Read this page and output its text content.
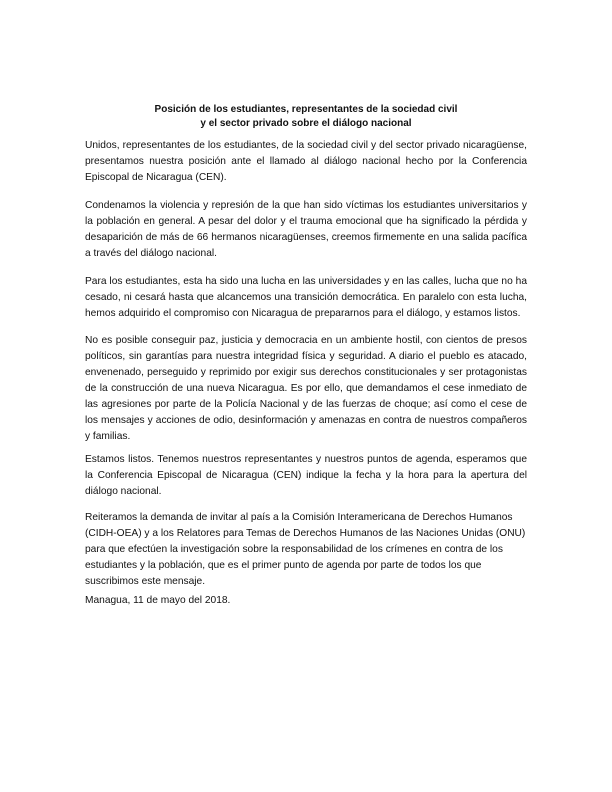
Posición de los estudiantes, representantes de la sociedad civil
y el sector privado sobre el diálogo nacional

Unidos, representantes de los estudiantes, de la sociedad civil y del sector privado nicaragüense, presentamos nuestra posición ante el llamado al diálogo nacional hecho por la Conferencia Episcopal de Nicaragua (CEN).

Condenamos la violencia y represión de la que han sido víctimas los estudiantes universitarios y la población en general. A pesar del dolor y el trauma emocional que ha significado la pérdida y desaparición de más de 66 hermanos nicaragüenses, creemos firmemente en una salida pacífica a través del diálogo nacional.

Para los estudiantes, esta ha sido una lucha en las universidades y en las calles, lucha que no ha cesado, ni cesará hasta que alcancemos una transición democrática. En paralelo con esta lucha, hemos adquirido el compromiso con Nicaragua de prepararnos para el diálogo, y estamos listos.

No es posible conseguir paz, justicia y democracia en un ambiente hostil, con cientos de presos políticos, sin garantías para nuestra integridad física y seguridad. A diario el pueblo es atacado, envenenado, perseguido y reprimido por exigir sus derechos constitucionales y ser protagonistas de la construcción de una nueva Nicaragua. Es por ello, que demandamos el cese inmediato de las agresiones por parte de la Policía Nacional y de las fuerzas de choque; así como el cese de los mensajes y acciones de odio, desinformación y amenazas en contra de nuestros compañeros y familias.

Estamos listos. Tenemos nuestros representantes y nuestros puntos de agenda, esperamos que la Conferencia Episcopal de Nicaragua (CEN) indique la fecha y la hora para la apertura del diálogo nacional.

Reiteramos la demanda de invitar al país a la Comisión Interamericana de Derechos Humanos (CIDH-OEA) y a los Relatores para Temas de Derechos Humanos de las Naciones Unidas (ONU) para que efectúen la investigación sobre la responsabilidad de los crímenes en contra de los estudiantes y la población, que es el primer punto de agenda por parte de todos los que suscribimos este mensaje.

Managua, 11 de mayo del 2018.
